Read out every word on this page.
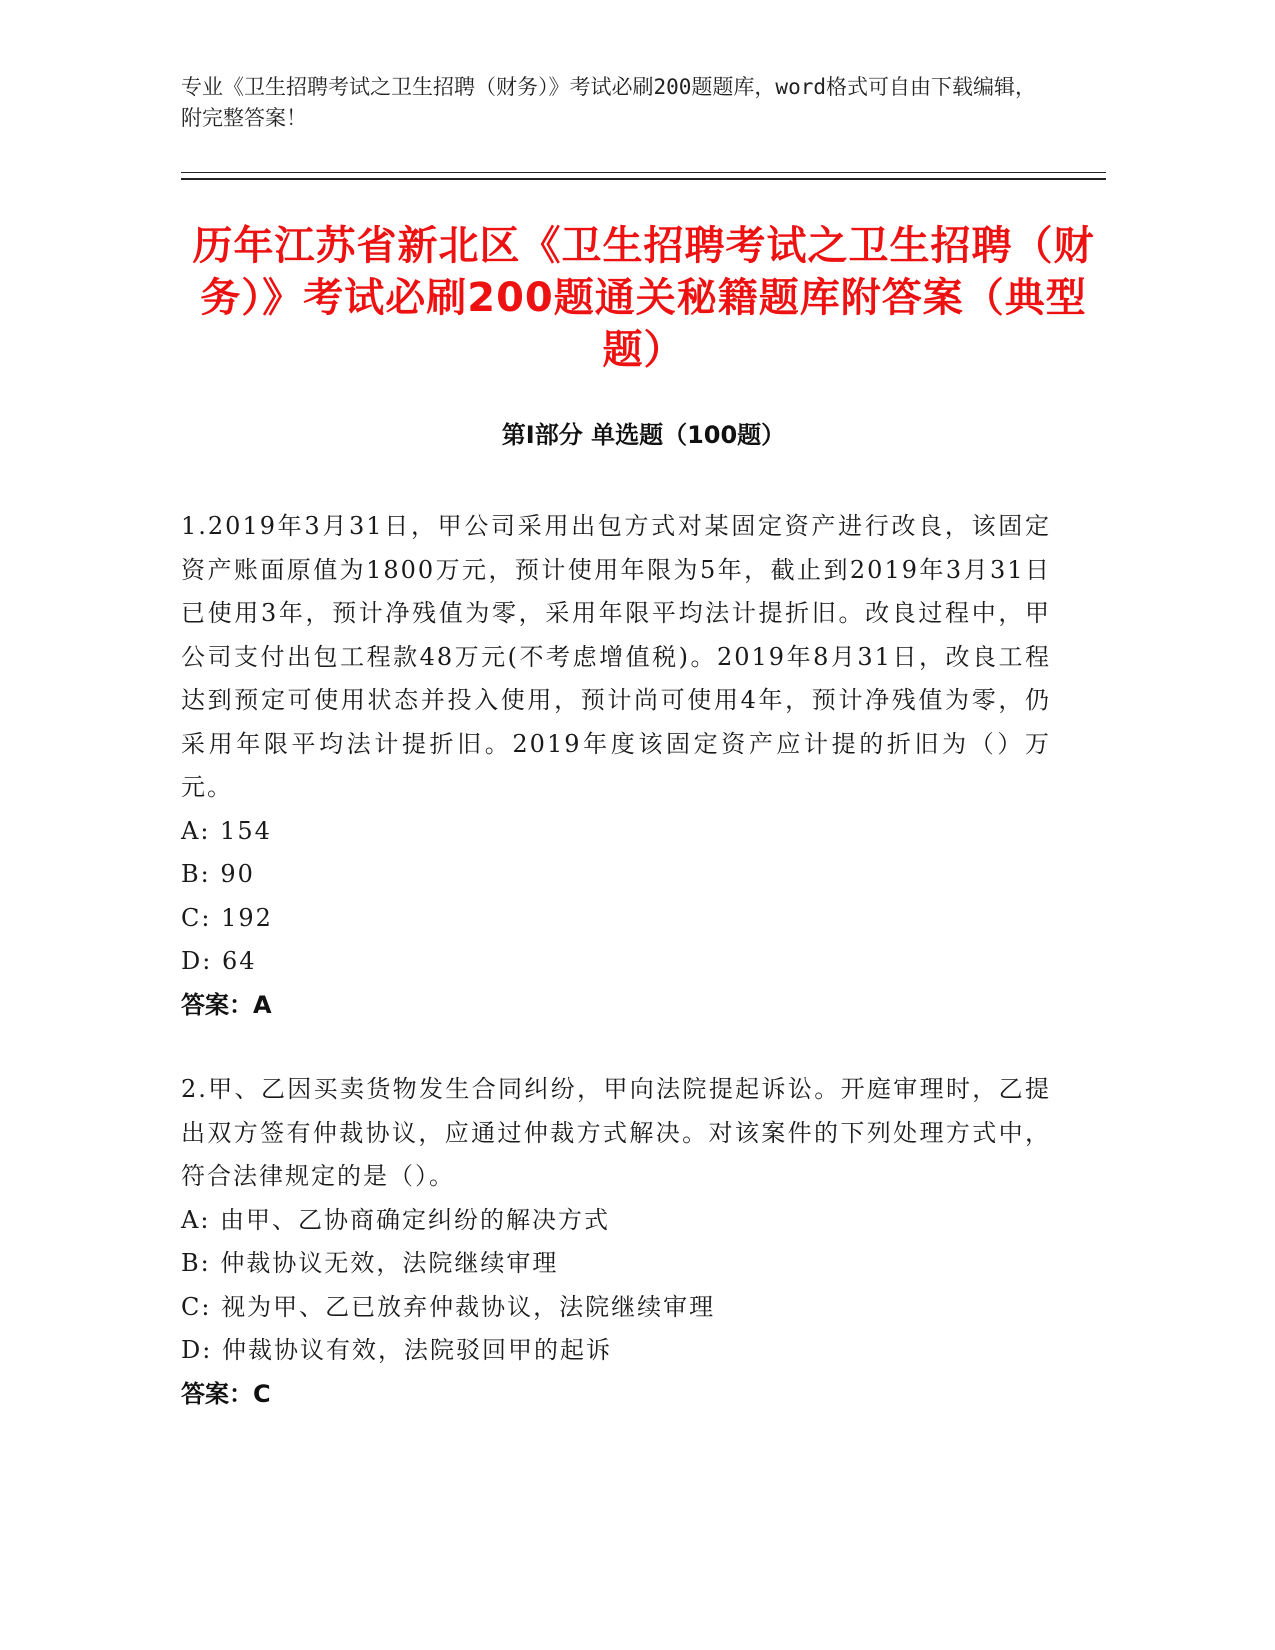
专业《卫生招聘考试之卫生招聘（财务）》考试必刷200题题库，word格式可自由下载编辑，附完整答案！
历年江苏省新北区《卫生招聘考试之卫生招聘（财务）》考试必刷200题通关秘籍题库附答案（典型题）
第Ⅰ部分 单选题（100题）
1.2019年3月31日，甲公司采用出包方式对某固定资产进行改良，该固定资产账面原值为1800万元，预计使用年限为5年，截止到2019年3月31日已使用3年，预计净残值为零，采用年限平均法计提折旧。改良过程中，甲公司支付出包工程款48万元(不考虑增值税)。2019年8月31日，改良工程达到预定可使用状态并投入使用，预计尚可使用4年，预计净残值为零，仍采用年限平均法计提折旧。2019年度该固定资产应计提的折旧为（）万元。
A: 154
B: 90
C: 192
D: 64
答案：A
2.甲、乙因买卖货物发生合同纠纷，甲向法院提起诉讼。开庭审理时，乙提出双方签有仲裁协议，应通过仲裁方式解决。对该案件的下列处理方式中，符合法律规定的是（）。
A: 由甲、乙协商确定纠纷的解决方式
B: 仲裁协议无效，法院继续审理
C: 视为甲、乙已放弃仲裁协议，法院继续审理
D: 仲裁协议有效，法院驳回甲的起诉
答案：C
